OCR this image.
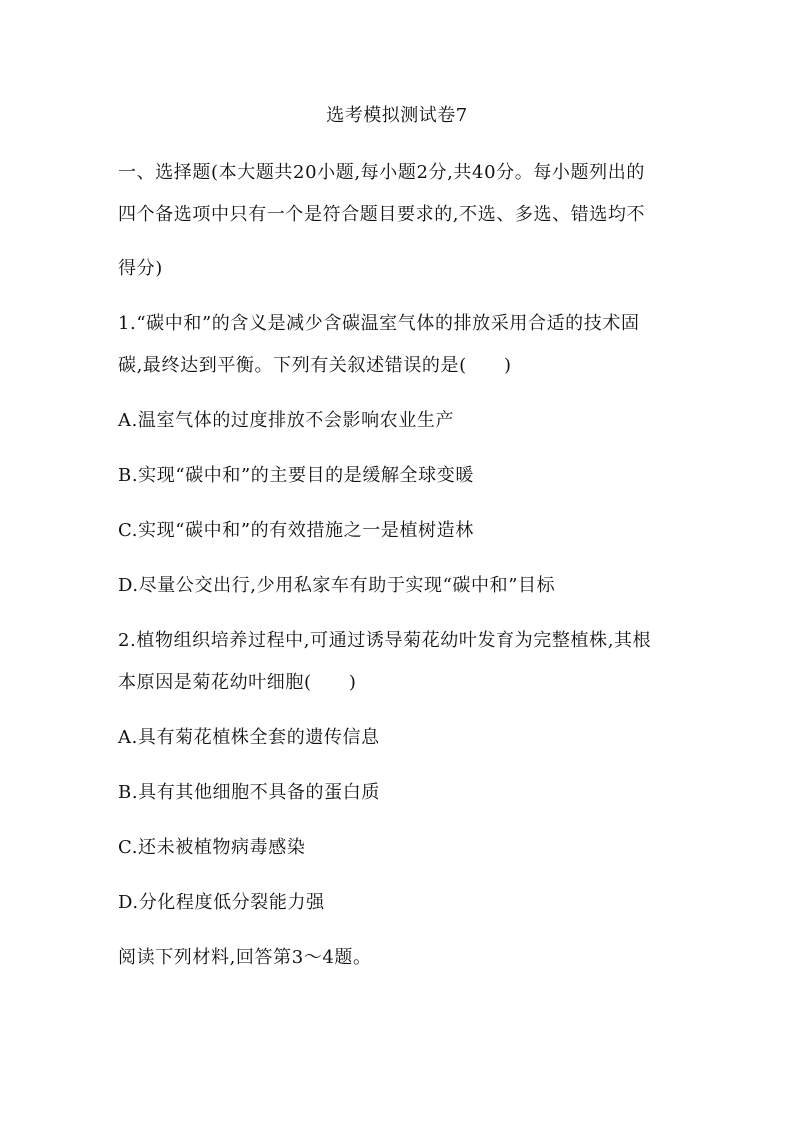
选考模拟测试卷7
一、选择题(本大题共20小题,每小题2分,共40分。每小题列出的
四个备选项中只有一个是符合题目要求的,不选、多选、错选均不
得分)
1.“碳中和”的含义是减少含碳温室气体的排放采用合适的技术固
碳,最终达到平衡。下列有关叙述错误的是(　　)
A.温室气体的过度排放不会影响农业生产
B.实现“碳中和”的主要目的是缓解全球变暖
C.实现“碳中和”的有效措施之一是植树造林
D.尽量公交出行,少用私家车有助于实现“碳中和”目标
2.植物组织培养过程中,可通过诱导菊花幼叶发育为完整植株,其根
本原因是菊花幼叶细胞(　　)
A.具有菊花植株全套的遗传信息
B.具有其他细胞不具备的蛋白质
C.还未被植物病毒感染
D.分化程度低分裂能力强
阅读下列材料,回答第3～4题。
